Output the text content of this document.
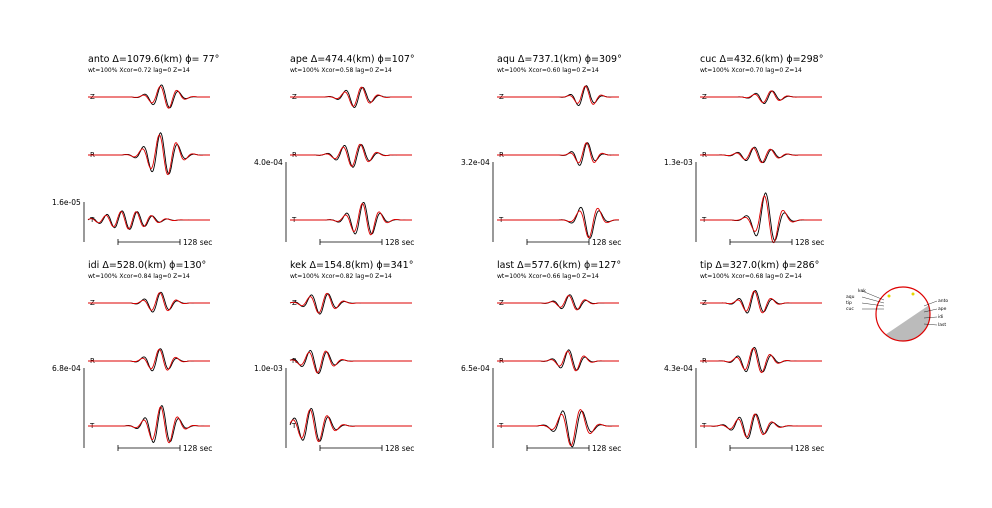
anto Δ=1079.6(km) ϕ= 77°
wt=100% Xcor=0.72 lag=0 Z=14
1.6e-05
Z
R
T
128 sec
ape Δ=474.4(km) ϕ=107°
wt=100% Xcor=0.58 lag=0 Z=14
4.0e-04
Z
R
T
128 sec
aqu Δ=737.1(km) ϕ=309°
wt=100% Xcor=0.60 lag=0 Z=14
3.2e-04
Z
R
T
128 sec
cuc Δ=432.6(km) ϕ=298°
wt=100% Xcor=0.70 lag=0 Z=14
1.3e-03
Z
R
T
128 sec
idi Δ=528.0(km) ϕ=130°
wt=100% Xcor=0.84 lag=0 Z=14
6.8e-04
Z
R
T
128 sec
kek Δ=154.8(km) ϕ=341°
wt=100% Xcor=0.82 lag=0 Z=14
1.0e-03
Z
R
T
128 sec
last Δ=577.6(km) ϕ=127°
wt=100% Xcor=0.66 lag=0 Z=14
6.5e-04
Z
R
T
128 sec
tip Δ=327.0(km) ϕ=286°
wt=100% Xcor=0.68 lag=0 Z=14
4.3e-04
Z
R
T
128 sec
kek
aqu
tip
cuc
anto
ape
idi
last
